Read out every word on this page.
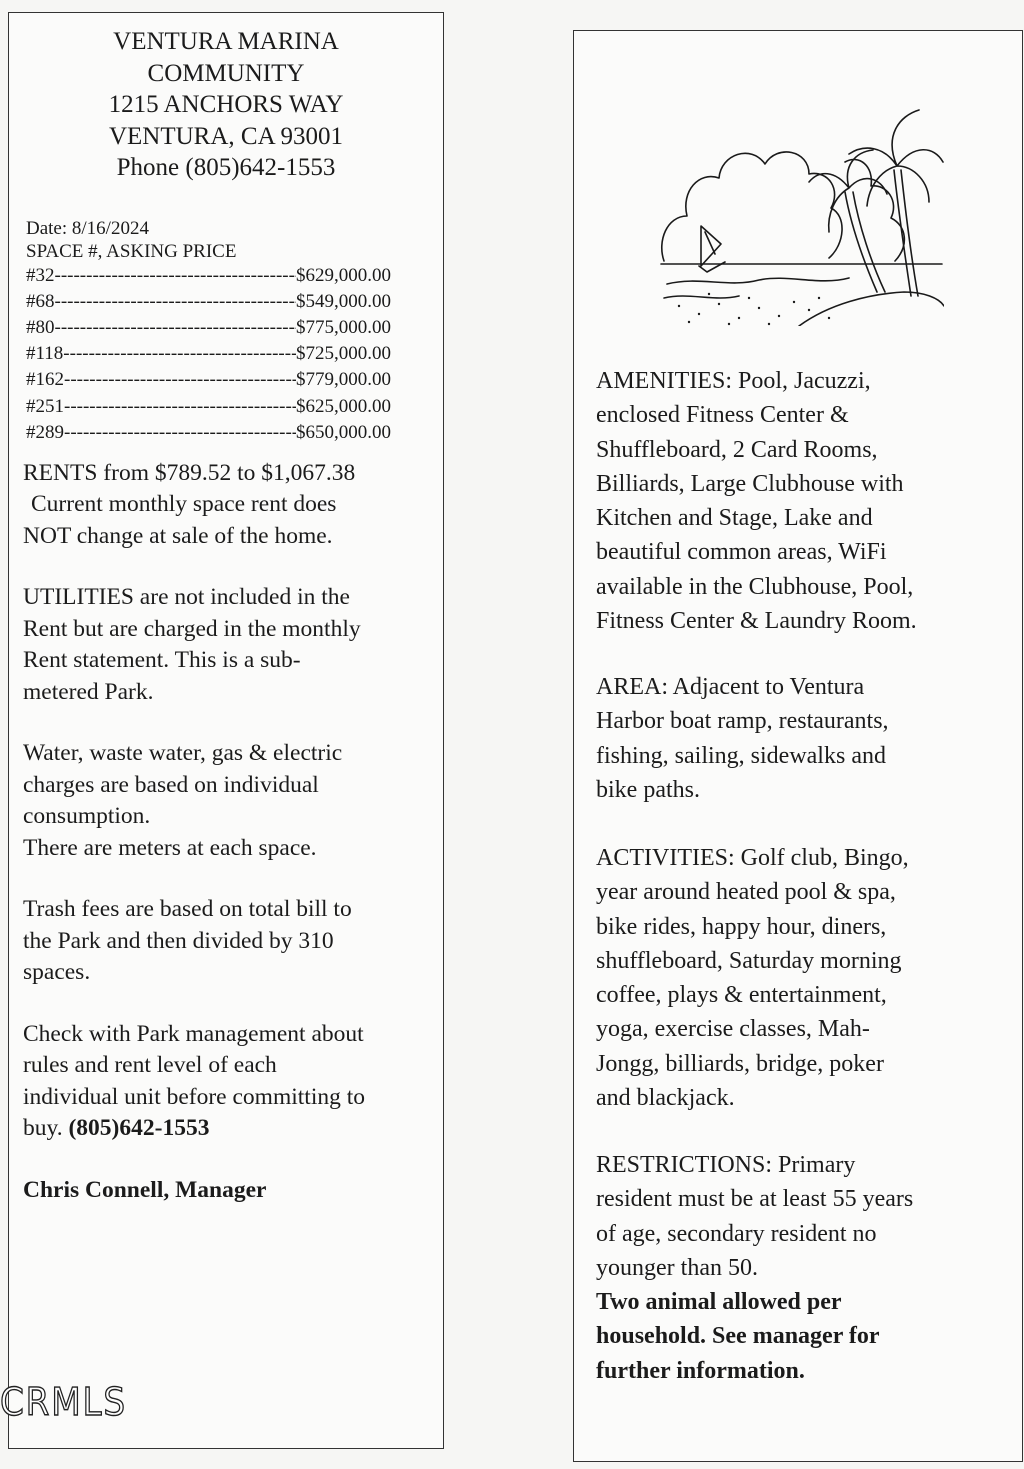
VENTURA MARINA
COMMUNITY
1215 ANCHORS WAY
VENTURA, CA 93001
Phone (805)642-1553
Date: 8/16/2024
SPACE #, ASKING PRICE
#32 -----	$629,000.00
#68 -----	$549,000.00
#80 -----	$775,000.00
#118 -----	$725,000.00
#162 -----	$779,000.00
#251 -----	$625,000.00
#289 -----	$650,000.00
RENTS from $789.52 to $1,067.38
Current monthly space rent does
NOT change at sale of the home.
UTILITIES are not included in the
Rent but are charged in the monthly
Rent statement. This is a sub-
metered Park.
Water, waste water, gas & electric
charges are based on individual
consumption.
There are meters at each space.
Trash fees are based on total bill to
the Park and then divided by 310
spaces.
Check with Park management about
rules and rent level of each
individual unit before committing to
buy. (805)642-1553
Chris Connell, Manager
CRMLS
AMENITIES: Pool, Jacuzzi,
enclosed Fitness Center &
Shuffleboard, 2 Card Rooms,
Billiards, Large Clubhouse with
Kitchen and Stage, Lake and
beautiful common areas, WiFi
available in the Clubhouse, Pool,
Fitness Center & Laundry Room.
AREA: Adjacent to Ventura
Harbor boat ramp, restaurants,
fishing, sailing, sidewalks and
bike paths.
ACTIVITIES: Golf club, Bingo,
year around heated pool & spa,
bike rides, happy hour, diners,
shuffleboard, Saturday morning
coffee, plays & entertainment,
yoga, exercise classes, Mah-
Jongg, billiards, bridge, poker
and blackjack.
RESTRICTIONS: Primary
resident must be at least 55 years
of age, secondary resident no
younger than 50.
Two animal allowed per
household. See manager for
further information.
